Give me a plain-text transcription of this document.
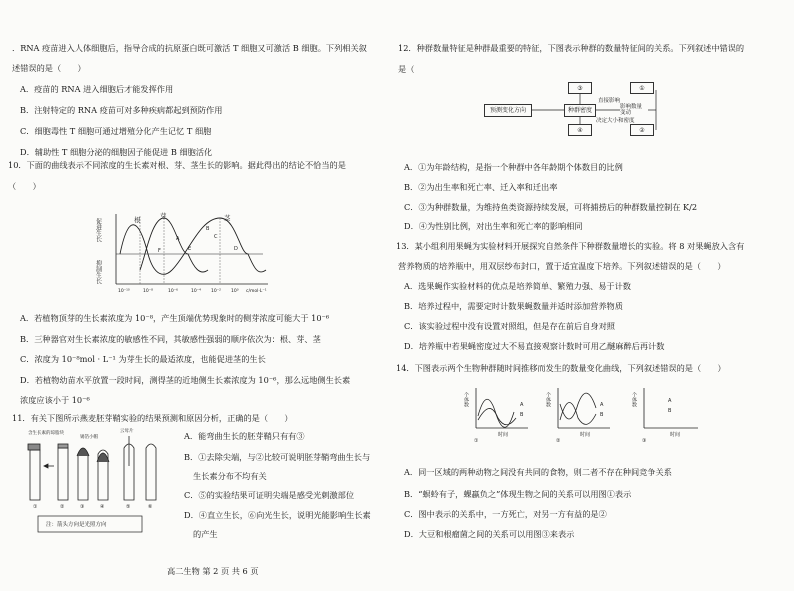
．RNA 疫苗进入人体细胞后，指导合成的抗原蛋白既可激活 T 细胞又可激活 B 细胞。下列相关叙
述错误的是（　　）
A．疫苗的 RNA 进入细胞后才能发挥作用
B．注射特定的 RNA 疫苗可对多种疾病都起到预防作用
C．细胞毒性 T 细胞可通过增殖分化产生记忆 T 细胞
D．辅助性 T 细胞分泌的细胞因子能促进 B 细胞活化
10．下面的曲线表示不同浓度的生长素对根、芽、茎生长的影响。据此得出的结论不恰当的是
（　　）
促进生长
抑制生长
根	芽	茎
A
B
C
D
E
F
10⁻¹⁰	10⁻⁸	10⁻⁶	10⁻⁴ 10⁻² 10⁰ c/mol·L⁻¹
A．若植物顶芽的生长素浓度为 10⁻⁸，产生顶端优势现象时的侧芽浓度可能大于 10⁻⁶
B．三种器官对生长素浓度的敏感性不同，其敏感性强弱的顺序依次为：根、芽、茎
C．浓度为 10⁻⁸mol · L⁻¹ 为芽生长的最适浓度，也能促进茎的生长
D．若植物幼苗水平放置一段时间，测得茎的近地侧生长素浓度为 10⁻⁶，那么远地侧生长素
浓度应该小于 10⁻⁶
11．有关下图所示燕麦胚芽鞘实验的结果预测和原因分析，正确的是（　　）
含生长素的琼脂块
锡箔小帽
云母片
①	②	③	④	⑤	⑥
注：箭头方向是光照方向
A．能弯曲生长的胚芽鞘只有有③
B．①去除尖端，与②比较可说明胚芽鞘弯曲生长与
生长素分布不均有关
C．⑤的实验结果可证明尖端是感受光刺激部位
D．④直立生长，⑥向光生长，说明光能影响生长素
的产生
高二生物 第 2 页 共 6 页
12．种群数量特征是种群最重要的特征，下图表示种群的数量特征间的关系。下列叙述中错误的
是（
预测变化方向
③
种群密度
④
①
②
直接影响
影响数量变动
决定大小和密度
A．①为年龄结构，是指一个种群中各年龄期个体数目的比例
B．②为出生率和死亡率、迁入率和迁出率
C．③为种群数量，为维持鱼类资源持续发展，可将捕捞后的种群数量控制在 K/2
D．④为性别比例，对出生率和死亡率的影响相同
13．某小组利用果蝇为实验材料开展探究自然条件下种群数量增长的实验。将 8 对果蝇放入含有
营养物质的培养瓶中，用双层纱布封口，置于适宜温度下培养。下列叙述错误的是（　　）
A．选果蝇作实验材料的优点是培养简单、繁殖力强、易于计数
B．培养过程中，需要定时计数果蝇数量并适时添加营养物质
C．该实验过程中没有设置对照组，但是存在前后自身对照
D．培养瓶中若果蝇密度过大不易直接观察计数时可用乙醚麻醉后再计数
14．下图表示两个生物种群随时间推移而发生的数量变化曲线，下列叙述错误的是（　　）
个体数	A
B
时间
①
个体数	A
B
时间
②
个体数	A
B
时间
③
A．同一区域的两种动物之间没有共同的食物，则二者不存在种间竞争关系
B．“螟蛉有子，蜾蠃负之”体现生物之间的关系可以用图①表示
C．图中表示的关系中，一方死亡，对另一方有益的是②
D．大豆和根瘤菌之间的关系可以用图③来表示
